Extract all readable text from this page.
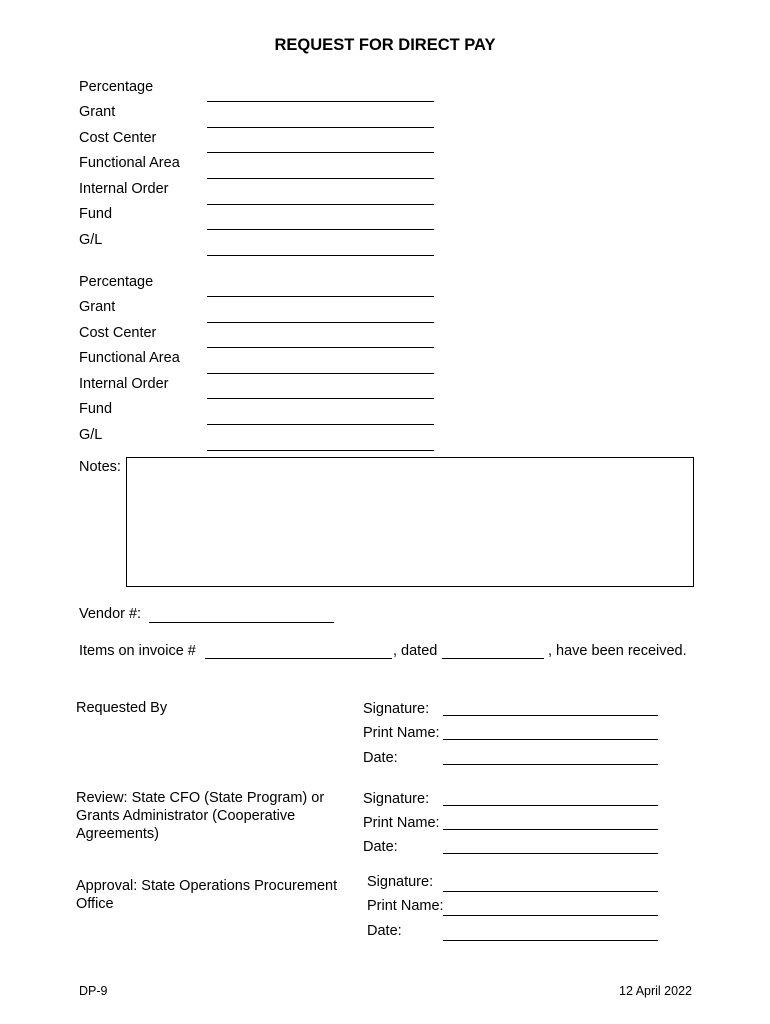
REQUEST FOR DIRECT PAY
Percentage
Grant
Cost Center
Functional Area
Internal Order
Fund
G/L
Percentage
Grant
Cost Center
Functional Area
Internal Order
Fund
G/L
Notes:
Vendor #:
Items on invoice #	, dated	, have been received.
Requested By	Signature:
Print Name:
Date:
Review: State CFO (State Program) or Grants Administrator (Cooperative Agreements)
Signature:
Print Name:
Date:
Approval: State Operations Procurement Office
Signature:
Print Name:
Date:
DP-9	12 April 2022
